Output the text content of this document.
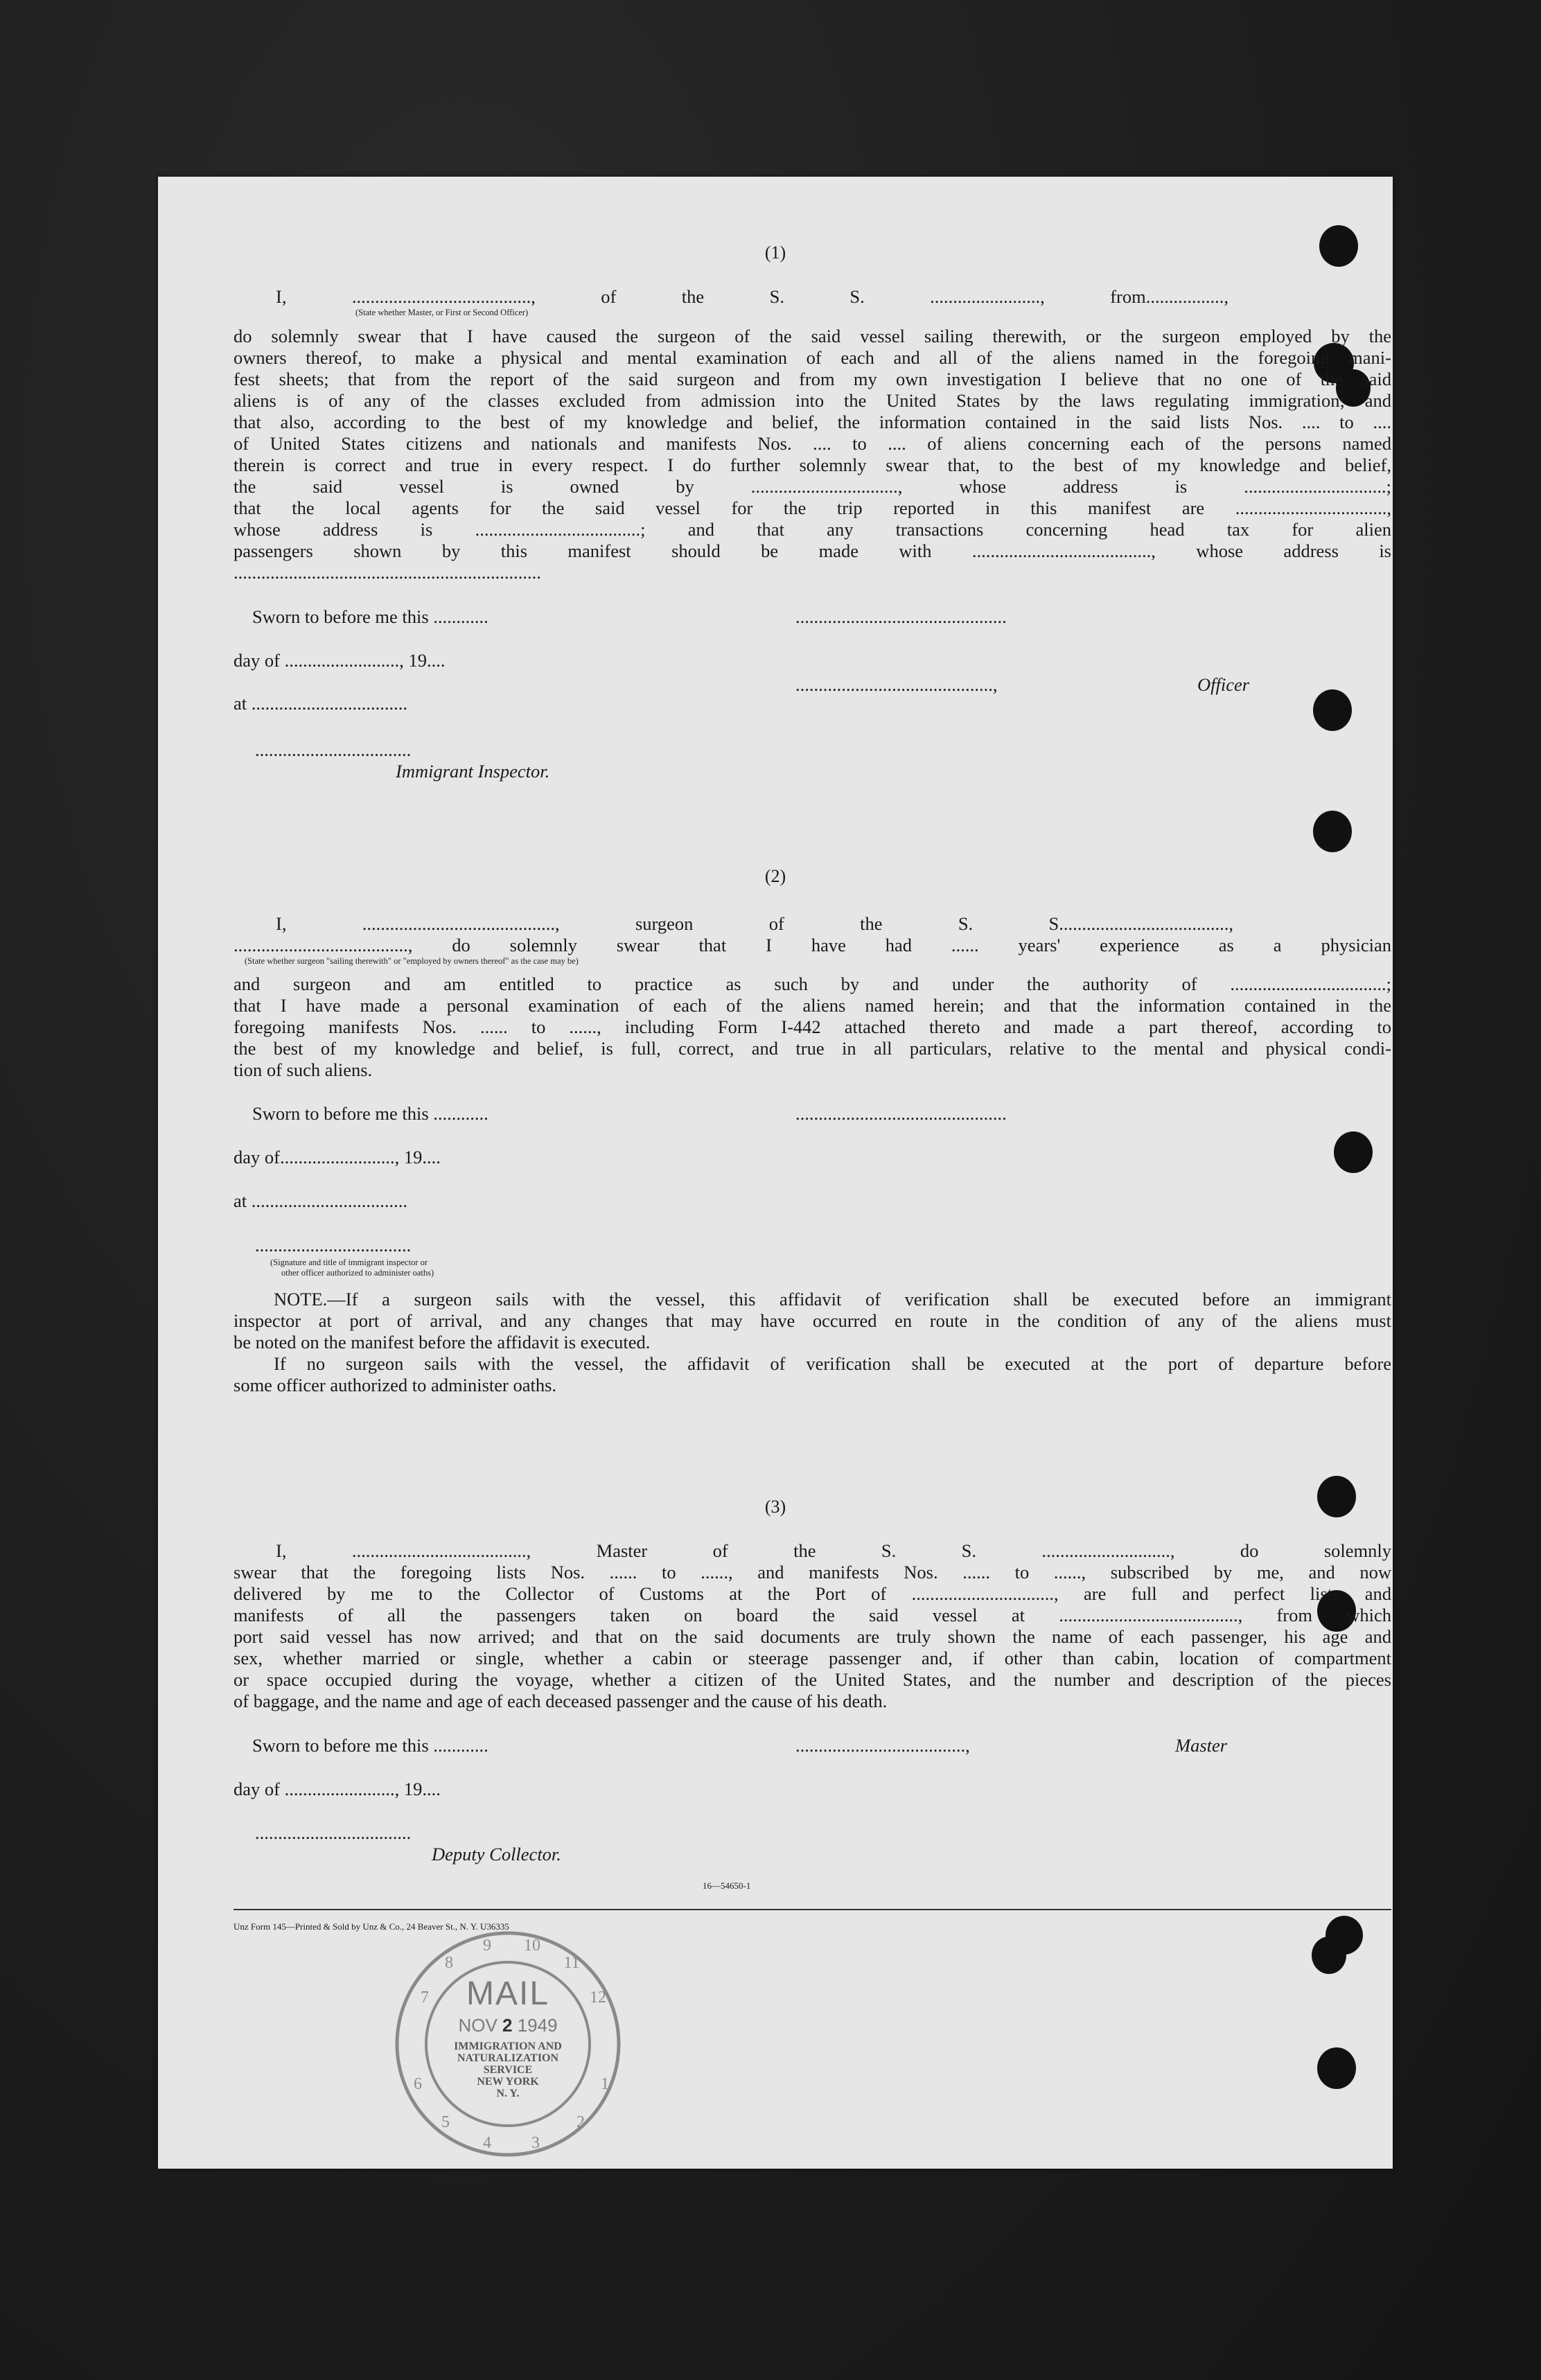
(1)
I, ......................................., of the S. S. ........................, from.................,
(State whether Master, or First or Second Officer)
do solemnly swear that I have caused the surgeon of the said vessel sailing therewith, or the surgeon employed by the
owners thereof, to make a physical and mental examination of each and all of the aliens named in the foregoing mani-
fest sheets; that from the report of the said surgeon and from my own investigation I believe that no one of the said
aliens is of any of the classes excluded from admission into the United States by the laws regulating immigration; and
that also, according to the best of my knowledge and belief, the information contained in the said lists Nos. .... to ....
of United States citizens and nationals and manifests Nos. .... to .... of aliens concerning each of the persons named
therein is correct and true in every respect. I do further solemnly swear that, to the best of my knowledge and belief,
the said vessel is owned by ................................, whose address is ...............................;
that the local agents for the said vessel for the trip reported in this manifest are .................................,
whose address is ....................................; and that any transactions concerning head tax for alien
passengers shown by this manifest should be made with ......................................., whose address is
...................................................................
Sworn to before me this ............	..............................................
day of ........................., 19....
...........................................,	Officer
at ..................................
..................................
Immigrant Inspector.
(2)
I, .........................................., surgeon of the S. S.....................................,
......................................, do solemnly swear that I have had ...... years' experience as a physician
(State whether surgeon "sailing therewith" or "employed by owners thereof" as the case may be)
and surgeon and am entitled to practice as such by and under the authority of ..................................;
that I have made a personal examination of each of the aliens named herein; and that the information contained in the
foregoing manifests Nos. ...... to ......, including Form I-442 attached thereto and made a part thereof, according to
the best of my knowledge and belief, is full, correct, and true in all particulars, relative to the mental and physical condi-
tion of such aliens.
Sworn to before me this ............	..............................................
day of........................., 19....
at ..................................
..................................
(Signature and title of immigrant inspector or
other officer authorized to administer oaths)
NOTE.—If a surgeon sails with the vessel, this affidavit of verification shall be executed before an immigrant
inspector at port of arrival, and any changes that may have occurred en route in the condition of any of the aliens must
be noted on the manifest before the affidavit is executed.
If no surgeon sails with the vessel, the affidavit of verification shall be executed at the port of departure before
some officer authorized to administer oaths.
(3)
I, ......................................, Master of the S. S. ............................, do solemnly
swear that the foregoing lists Nos. ...... to ......, and manifests Nos. ...... to ......, subscribed by me, and now
delivered by me to the Collector of Customs at the Port of ..............................., are full and perfect lists and
manifests of all the passengers taken on board the said vessel at ......................................., from which
port said vessel has now arrived; and that on the said documents are truly shown the name of each passenger, his age and
sex, whether married or single, whether a cabin or steerage passenger and, if other than cabin, location of compartment
or space occupied during the voyage, whether a citizen of the United States, and the number and description of the pieces
of baggage, and the name and age of each deceased passenger and the cause of his death.
Sworn to before me this ............	.....................................,	Master
day of ........................, 19....
..................................
Deputy Collector.
16—54650-1
Unz Form 145—Printed & Sold by Unz & Co., 24 Beaver St., N. Y. U36335
7
8
9 10
11
12
1
2
3
4
5
6
MAIL
NOV 2 1949
IMMIGRATION AND
NATURALIZATION
SERVICE
NEW YORK
N. Y.
